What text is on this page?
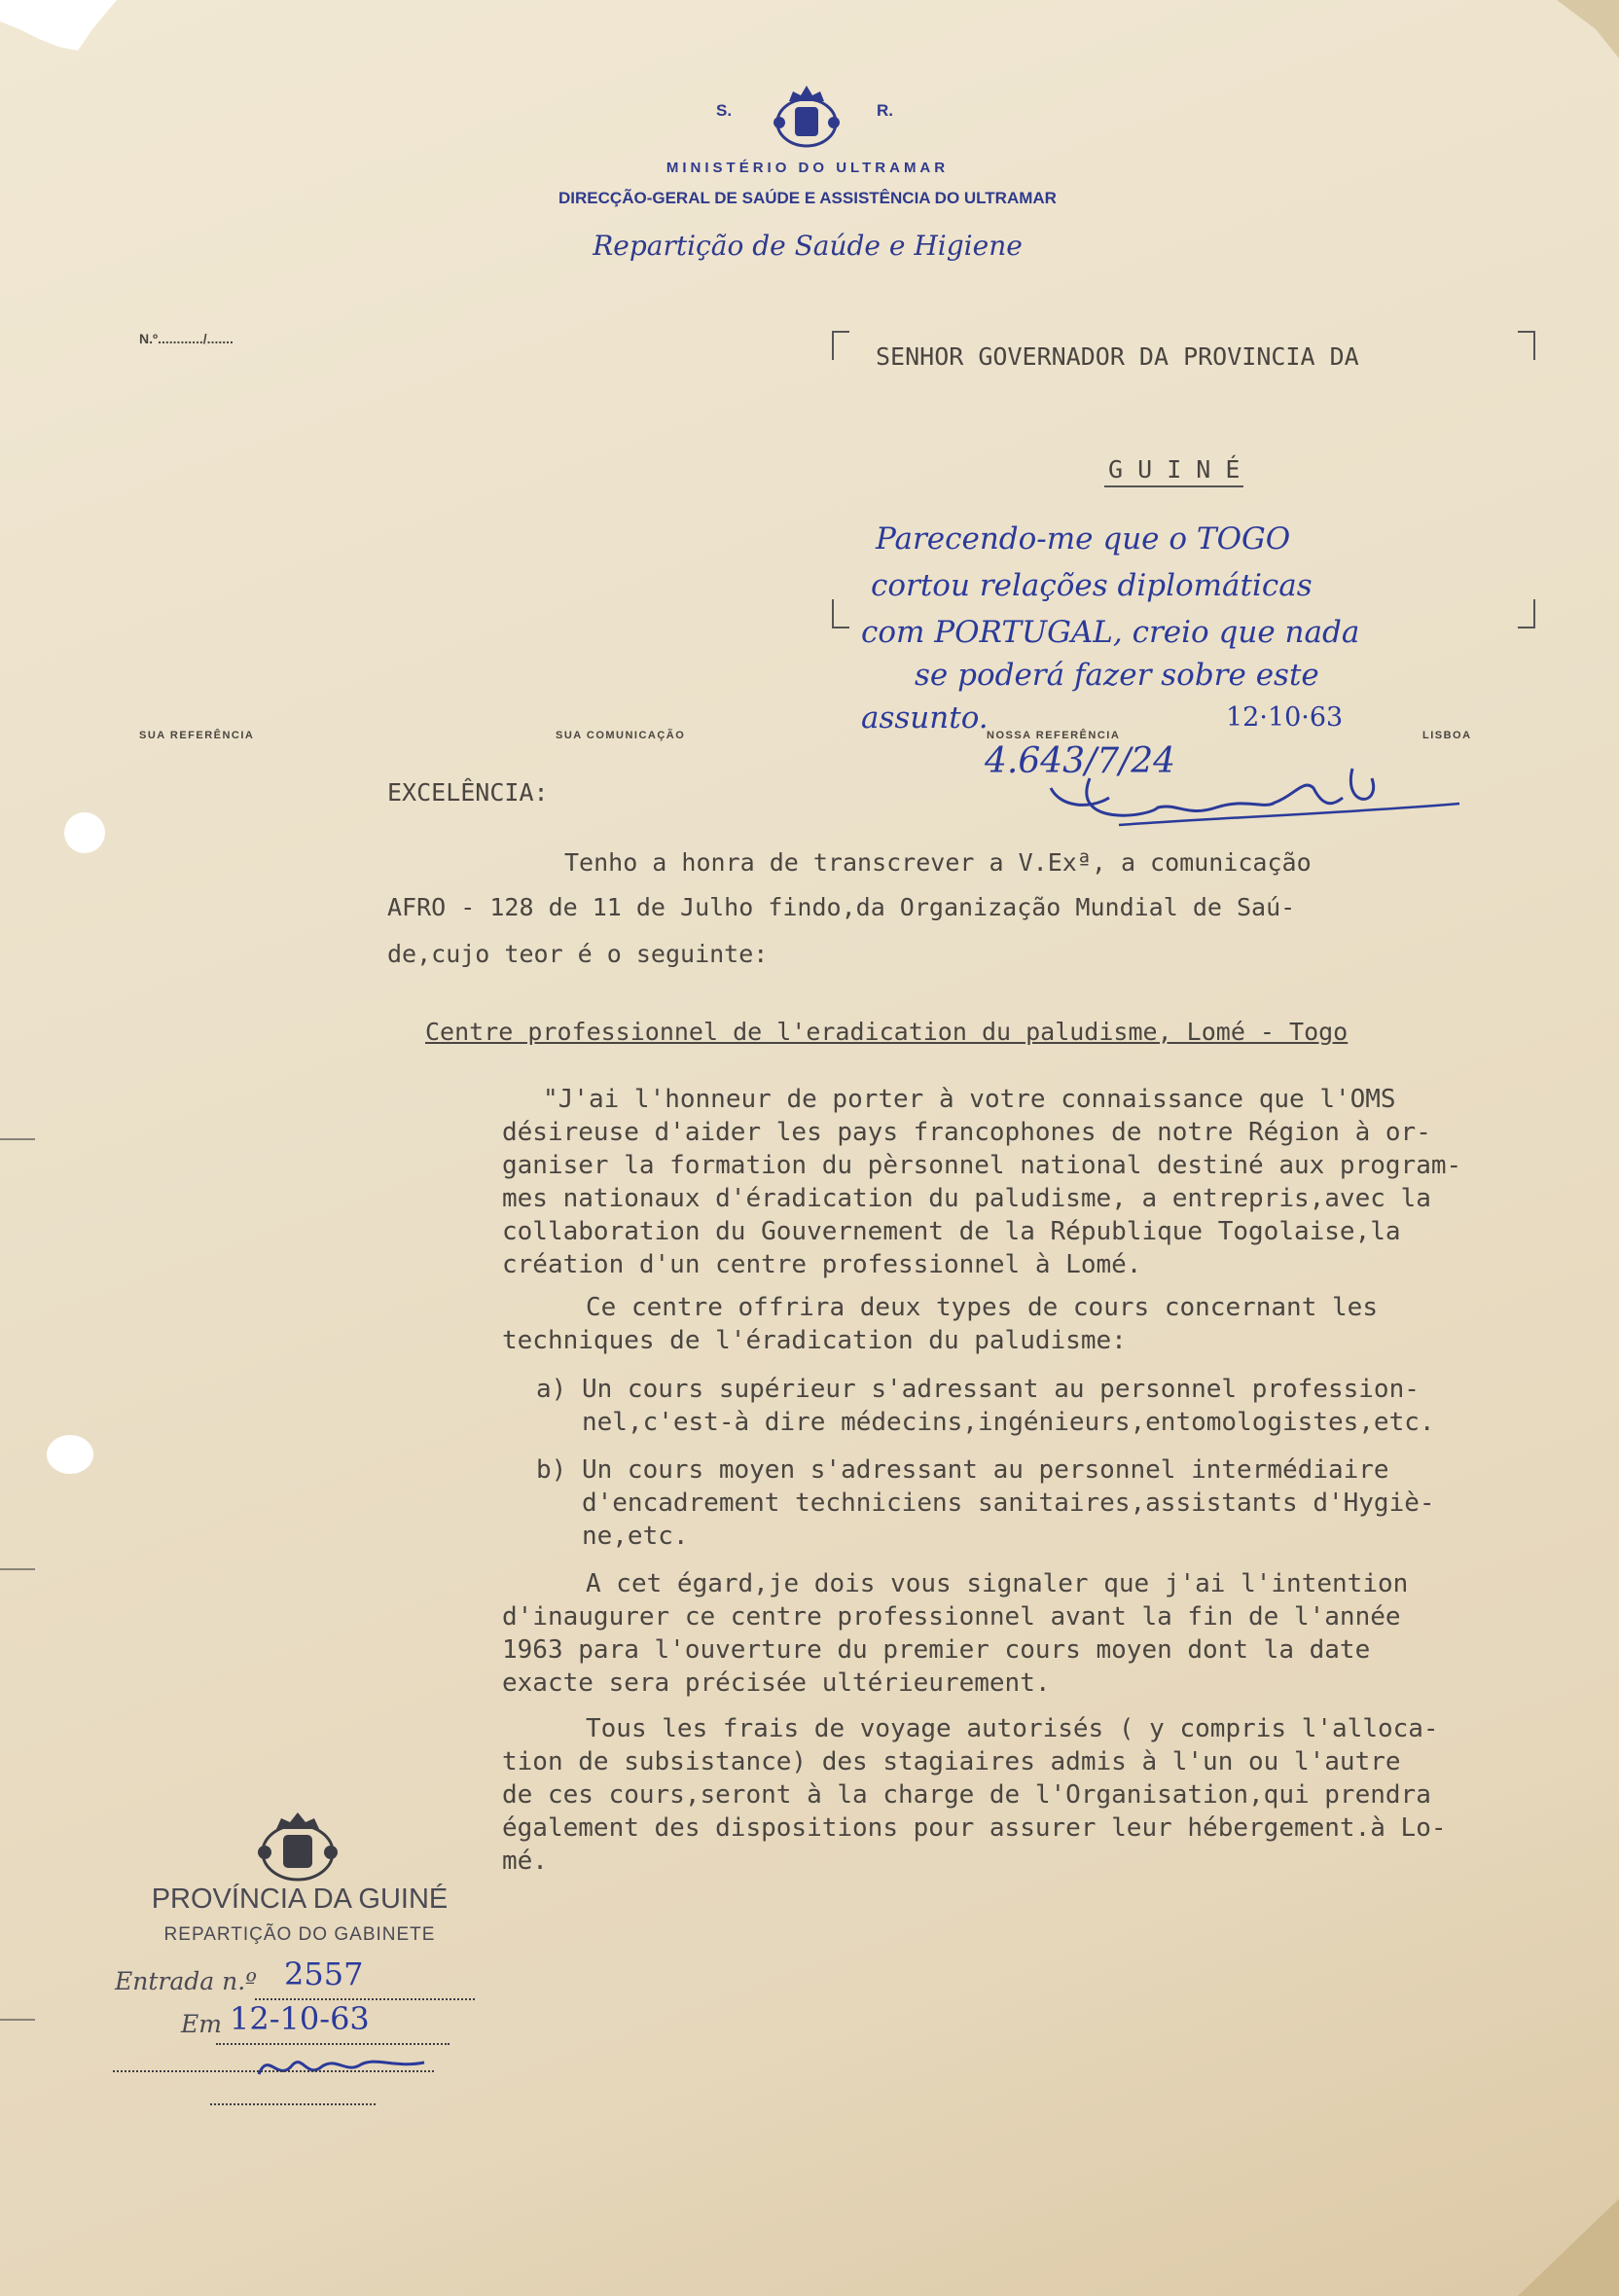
S.	R.
MINISTÉRIO DO ULTRAMAR
DIRECÇÃO-GERAL DE SAÚDE E ASSISTÊNCIA DO ULTRAMAR
Repartição de Saúde e Higiene
N.º............/.......
SENHOR GOVERNADOR DA PROVINCIA DA
G U I N É
Parecendo-me que o TOGO
cortou relações diplomáticas
com PORTUGAL, creio que nada
se poderá fazer sobre este
assunto.	12·10·63
4.643/7/24
SUA REFERÊNCIA	SUA COMUNICAÇÃO	NOSSA REFERÊNCIA	LISBOA
EXCELÊNCIA:
Tenho a honra de transcrever a V.Exª, a comunicação
AFRO - 128 de 11 de Julho findo,da Organização Mundial de Saú-
de,cujo teor é o seguinte:
Centre professionnel de l'eradication du paludisme, Lomé - Togo
"J'ai l'honneur de porter à votre connaissance que l'OMS
désireuse d'aider les pays francophones de notre Région à or-
ganiser la formation du pèrsonnel national destiné aux program-
mes nationaux d'éradication du paludisme, a entrepris,avec la
collaboration du Gouvernement de la République Togolaise,la
création d'un centre professionnel à Lomé.
Ce centre offrira deux types de cours concernant les
techniques de l'éradication du paludisme:
a) Un cours supérieur s'adressant au personnel profession-
nel,c'est-à dire médecins,ingénieurs,entomologistes,etc.
b) Un cours moyen s'adressant au personnel intermédiaire
d'encadrement techniciens sanitaires,assistants d'Hygiè-
ne,etc.
A cet égard,je dois vous signaler que j'ai l'intention
d'inaugurer ce centre professionnel avant la fin de l'année
1963 para l'ouverture du premier cours moyen dont la date
exacte sera précisée ultérieurement.
Tous les frais de voyage autorisés ( y compris l'alloca-
tion de subsistance) des stagiaires admis à l'un ou l'autre
de ces cours,seront à la charge de l'Organisation,qui prendra
également des dispositions pour assurer leur hébergement.à Lo-
mé.
PROVÍNCIA DA GUINÉ
REPARTIÇÃO DO GABINETE
Entrada n.º 2557
Em 12-10-63
